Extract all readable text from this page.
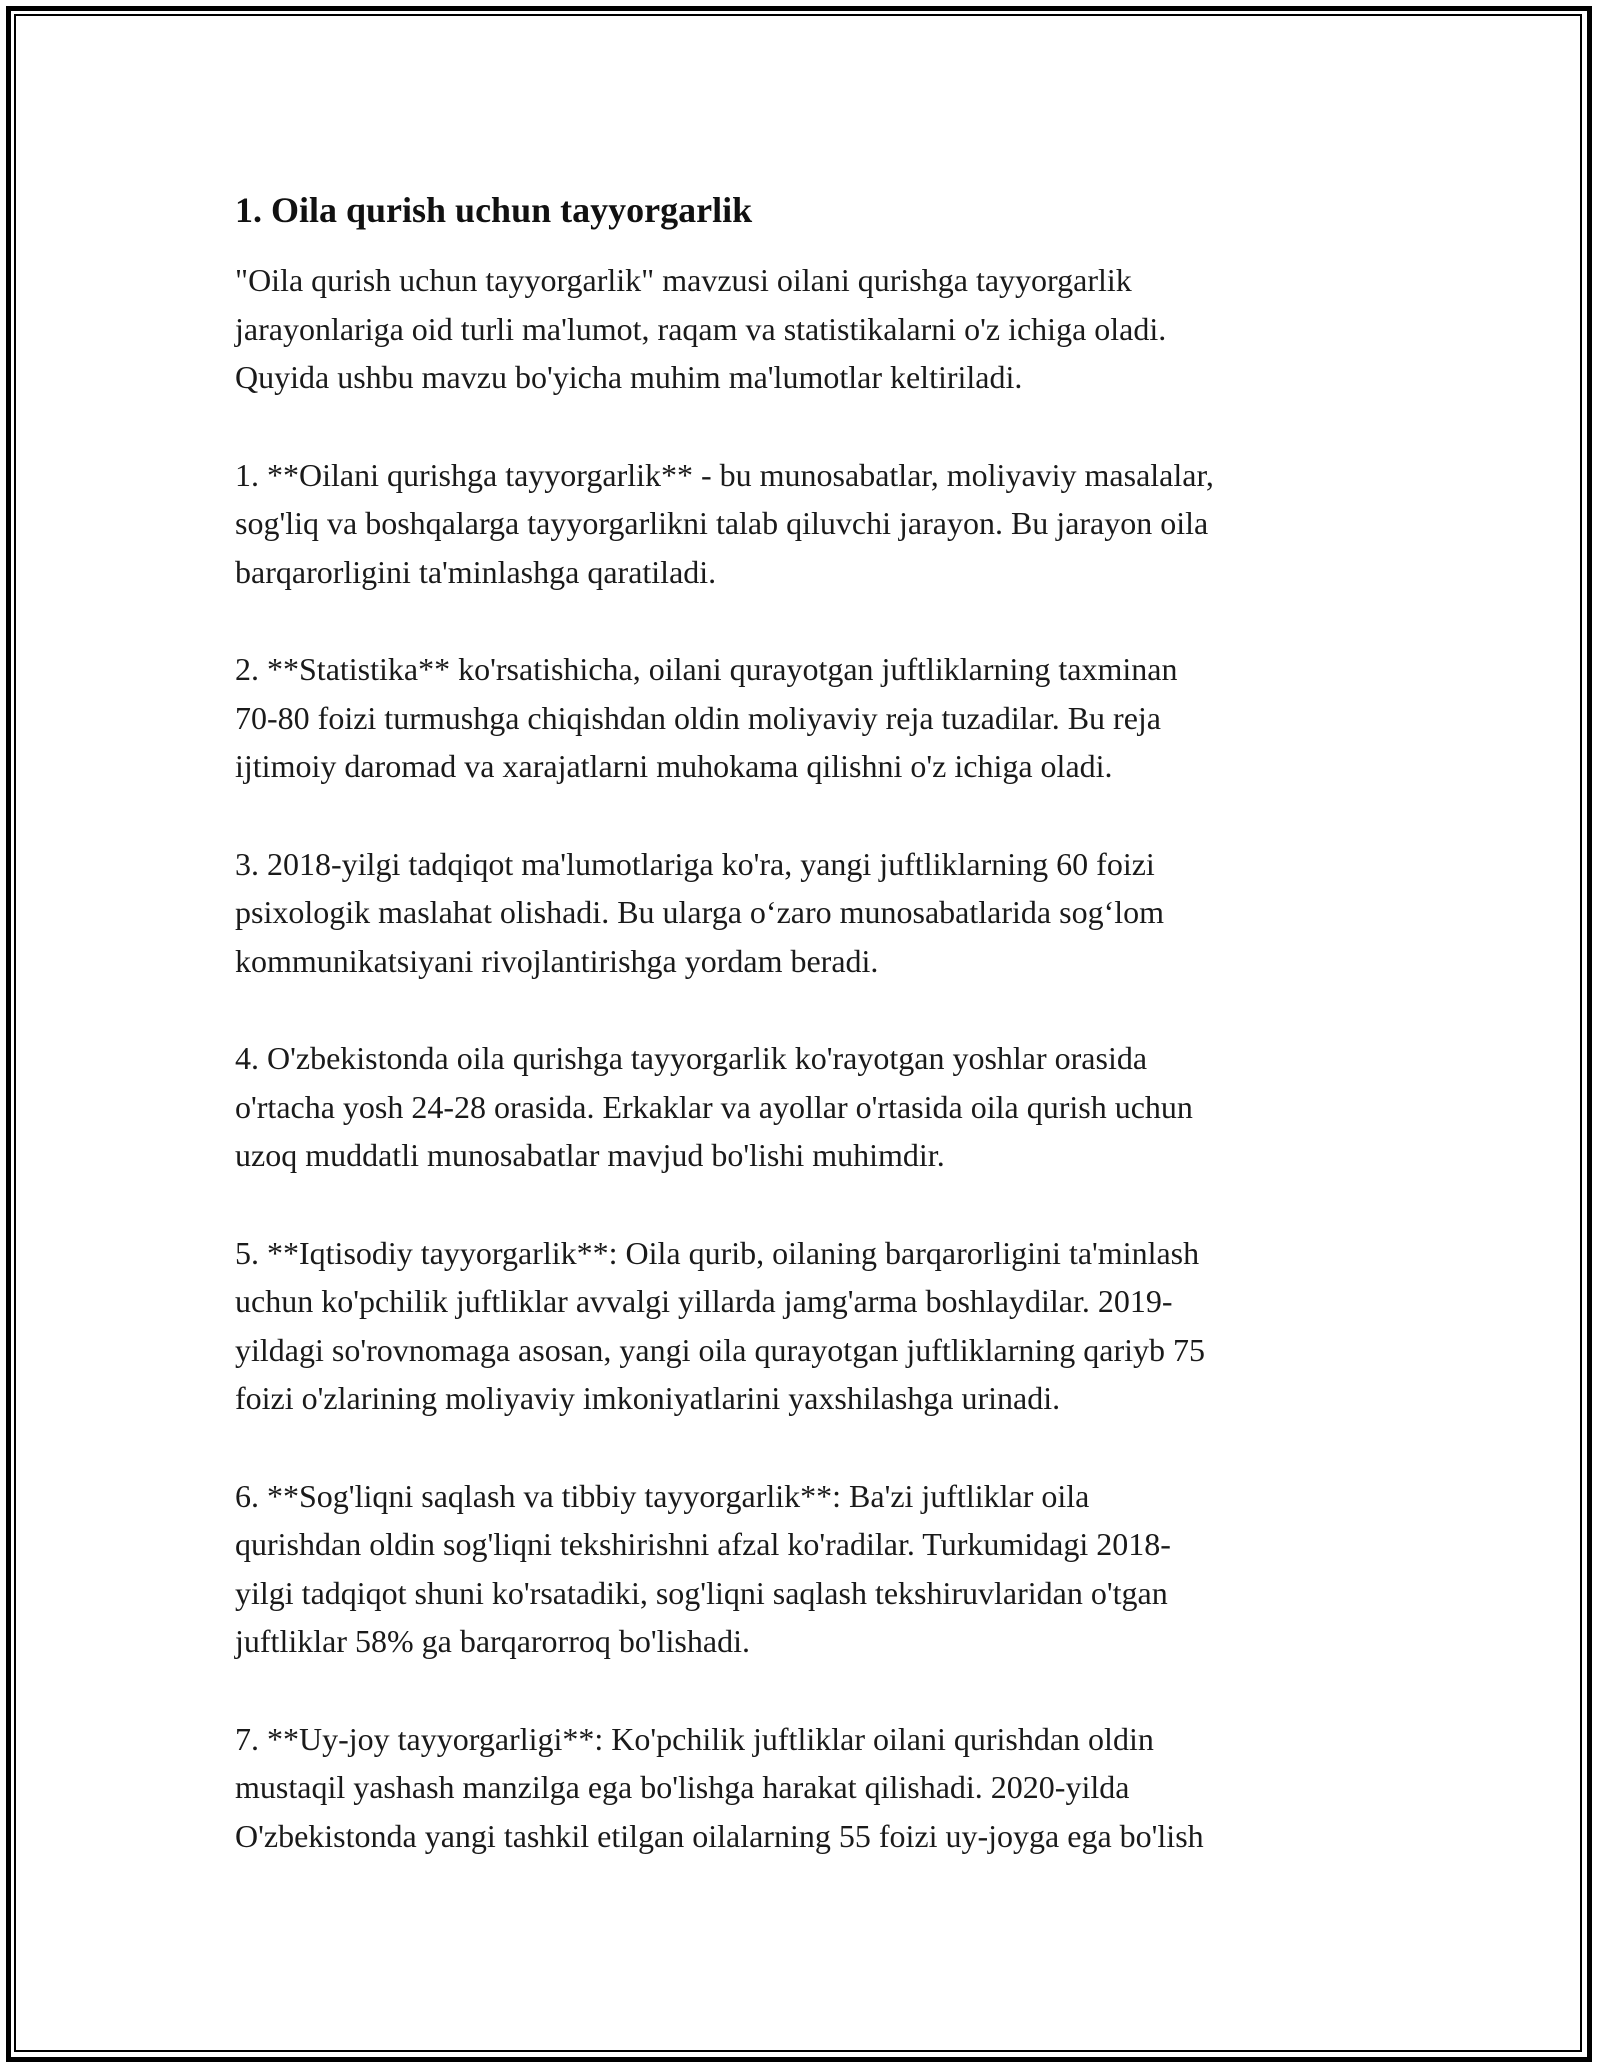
1. Oila qurish uchun tayyorgarlik

"Oila qurish uchun tayyorgarlik" mavzusi oilani qurishga tayyorgarlik
jarayonlariga oid turli ma'lumot, raqam va statistikalarni o'z ichiga oladi.
Quyida ushbu mavzu bo'yicha muhim ma'lumotlar keltiriladi.

1. **Oilani qurishga tayyorgarlik** - bu munosabatlar, moliyaviy masalalar,
sog'liq va boshqalarga tayyorgarlikni talab qiluvchi jarayon. Bu jarayon oila
barqarorligini ta'minlashga qaratiladi.

2. **Statistika** ko'rsatishicha, oilani qurayotgan juftliklarning taxminan
70-80 foizi turmushga chiqishdan oldin moliyaviy reja tuzadilar. Bu reja
ijtimoiy daromad va xarajatlarni muhokama qilishni o'z ichiga oladi.

3. 2018-yilgi tadqiqot ma'lumotlariga ko'ra, yangi juftliklarning 60 foizi
psixologik maslahat olishadi. Bu ularga o‘zaro munosabatlarida sog‘lom
kommunikatsiyani rivojlantirishga yordam beradi.

4. O'zbekistonda oila qurishga tayyorgarlik ko'rayotgan yoshlar orasida
o'rtacha yosh 24-28 orasida. Erkaklar va ayollar o'rtasida oila qurish uchun
uzoq muddatli munosabatlar mavjud bo'lishi muhimdir.

5. **Iqtisodiy tayyorgarlik**: Oila qurib, oilaning barqarorligini ta'minlash
uchun ko'pchilik juftliklar avvalgi yillarda jamg'arma boshlaydilar. 2019-
yildagi so'rovnomaga asosan, yangi oila qurayotgan juftliklarning qariyb 75
foizi o'zlarining moliyaviy imkoniyatlarini yaxshilashga urinadi.

6. **Sog'liqni saqlash va tibbiy tayyorgarlik**: Ba'zi juftliklar oila
qurishdan oldin sog'liqni tekshirishni afzal ko'radilar. Turkumidagi 2018-
yilgi tadqiqot shuni ko'rsatadiki, sog'liqni saqlash tekshiruvlaridan o'tgan
juftliklar 58% ga barqarorroq bo'lishadi.

7. **Uy-joy tayyorgarligi**: Ko'pchilik juftliklar oilani qurishdan oldin
mustaqil yashash manzilga ega bo'lishga harakat qilishadi. 2020-yilda
O'zbekistonda yangi tashkil etilgan oilalarning 55 foizi uy-joyga ega bo'lish
